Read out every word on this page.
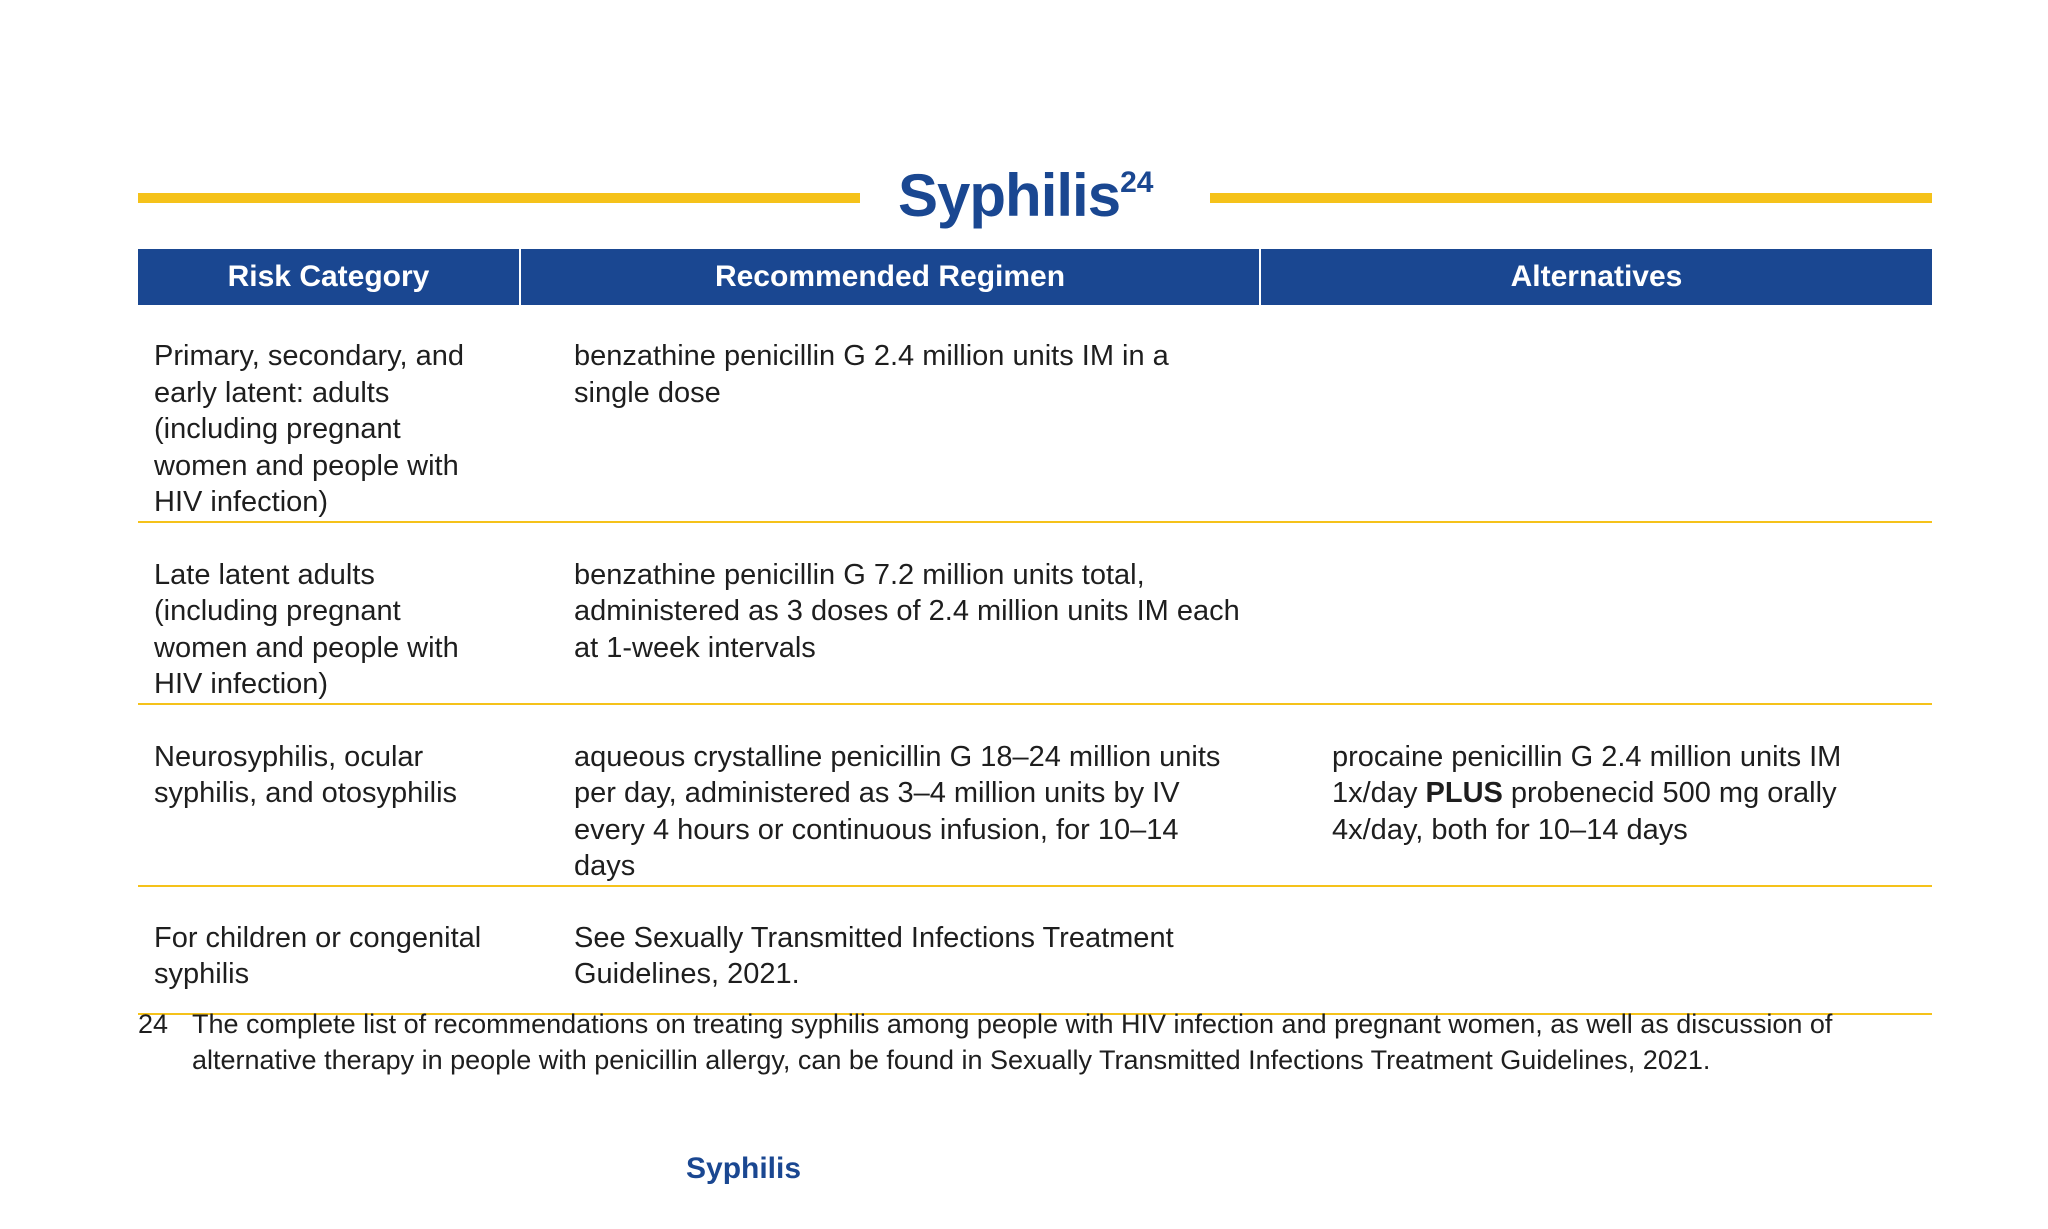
Syphilis$^{24}$
Risk Category	Recommended Regimen	Alternatives
Primary, secondary, and early latent: adults (including pregnant women and people with HIV infection)	benzathine penicillin G 2.4 million units IM in a single dose	
Late latent adults (including pregnant women and people with HIV infection)	benzathine penicillin G 7.2 million units total, administered as 3 doses of 2.4 million units IM each at 1-week intervals	
Neurosyphilis, ocular syphilis, and otosyphilis	aqueous crystalline penicillin G 18–24 million units per day, administered as 3–4 million units by IV every 4 hours or continuous infusion, for 10–14 days	procaine penicillin G 2.4 million units IM 1x/day PLUS probenecid 500 mg orally 4x/day, both for 10–14 days
For children or congenital syphilis	See Sexually Transmitted Infections Treatment Guidelines, 2021.	
24 The complete list of recommendations on treating syphilis among people with HIV infection and pregnant women, as well as discussion of alternative therapy in people with penicillin allergy, can be found in Sexually Transmitted Infections Treatment Guidelines, 2021.
Syphilis
